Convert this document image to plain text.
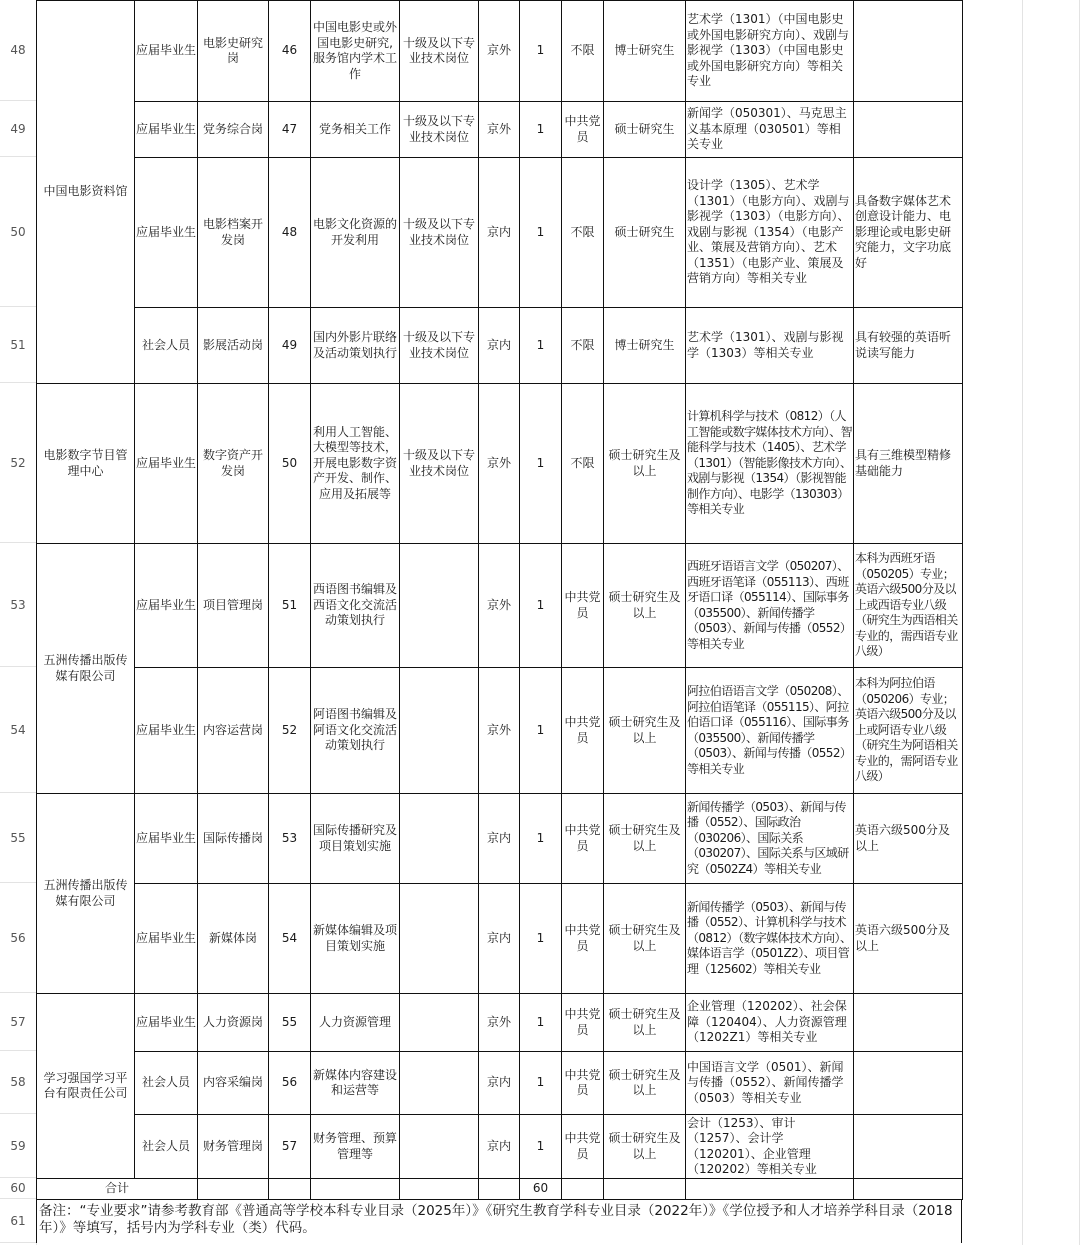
48
49
50
51
52
53
54
55
56
57
58
59
60
61
中国电影资料馆	应届毕业生	电影史研究岗	46	中国电影史或外国电影史研究,服务馆内学术工作	十级及以下专业技术岗位	京外	1	不限	博士研究生	艺术学（1301）（中国电影史或外国电影研究方向）、戏剧与影视学（1303）（中国电影史或外国电影研究方向）等相关专业	
	应届毕业生	党务综合岗	47	党务相关工作	十级及以下专业技术岗位	京外	1	中共党员	硕士研究生	新闻学（050301）、马克思主义基本原理（030501）等相关专业	
	应届毕业生	电影档案开发岗	48	电影文化资源的开发利用	十级及以下专业技术岗位	京内	1	不限	硕士研究生	设计学（1305）、艺术学（1301）（电影方向）、戏剧与影视学（1303）（电影方向）、戏剧与影视（1354）（电影产业、策展及营销方向）、艺术（1351）（电影产业、策展及营销方向）等相关专业	具备数字媒体艺术创意设计能力、电影理论或电影史研究能力，文字功底好
	社会人员	影展活动岗	49	国内外影片联络及活动策划执行	十级及以下专业技术岗位	京内	1	不限	博士研究生	艺术学（1301）、戏剧与影视学（1303）等相关专业	具有较强的英语听说读写能力
电影数字节目管理中心	应届毕业生	数字资产开发岗	50	利用人工智能、大模型等技术，开展电影数字资产开发、制作、应用及拓展等	十级及以下专业技术岗位	京外	1	不限	硕士研究生及以上	计算机科学与技术（0812）（人工智能或数字媒体技术方向）、智能科学与技术（1405）、艺术学（1301）（智能影像技术方向）、戏剧与影视（1354）（影视智能制作方向）、电影学（130303）等相关专业	具有三维模型精修基础能力
五洲传播出版传媒有限公司	应届毕业生	项目管理岗	51	西语图书编辑及西语文化交流活动策划执行		京外	1	中共党员	硕士研究生及以上	西班牙语语言文学（050207）、西班牙语笔译（055113）、西班牙语口译（055114）、国际事务（035500）、新闻传播学（0503）、新闻与传播（0552）等相关专业	本科为西班牙语（050205）专业；英语六级500分及以上或西语专业八级（研究生为西语相关专业的，需西语专业八级）
	应届毕业生	内容运营岗	52	阿语图书编辑及阿语文化交流活动策划执行		京外	1	中共党员	硕士研究生及以上	阿拉伯语语言文学（050208）、阿拉伯语笔译（055115）、阿拉伯语口译（055116）、国际事务（035500）、新闻传播学（0503）、新闻与传播（0552）等相关专业	本科为阿拉伯语（050206）专业；英语六级500分及以上或阿语专业八级（研究生为阿语相关专业的，需阿语专业八级）
五洲传播出版传媒有限公司	应届毕业生	国际传播岗	53	国际传播研究及项目策划实施		京内	1	中共党员	硕士研究生及以上	新闻传播学（0503）、新闻与传播（0552）、国际政治（030206）、国际关系（030207）、国际关系与区域研究（0502Z4）等相关专业	英语六级500分及以上
	应届毕业生	新媒体岗	54	新媒体编辑及项目策划实施		京内	1	中共党员	硕士研究生及以上	新闻传播学（0503）、新闻与传播（0552）、计算机科学与技术（0812）（数字媒体技术方向）、媒体语言学（0501Z2）、项目管理（125602）等相关专业	英语六级500分及以上
学习强国学习平台有限责任公司	应届毕业生	人力资源岗	55	人力资源管理		京外	1	中共党员	硕士研究生及以上	企业管理（120202）、社会保障（120404）、人力资源管理（1202Z1）等相关专业	
	社会人员	内容采编岗	56	新媒体内容建设和运营等		京内	1	中共党员	硕士研究生及以上	中国语言文学（0501）、新闻与传播（0552）、新闻传播学（0503）等相关专业	
	社会人员	财务管理岗	57	财务管理、预算管理等		京内	1	中共党员	硕士研究生及以上	会计（1253）、审计（1257）、会计学（120201）、企业管理（120202）等相关专业	
合计							60				
备注：“专业要求”请参考教育部《普通高等学校本科专业目录（2025年）》《研究生教育学科专业目录（2022年）》《学位授予和人才培养学科目录（2018年）》等填写，括号内为学科专业（类）代码。
